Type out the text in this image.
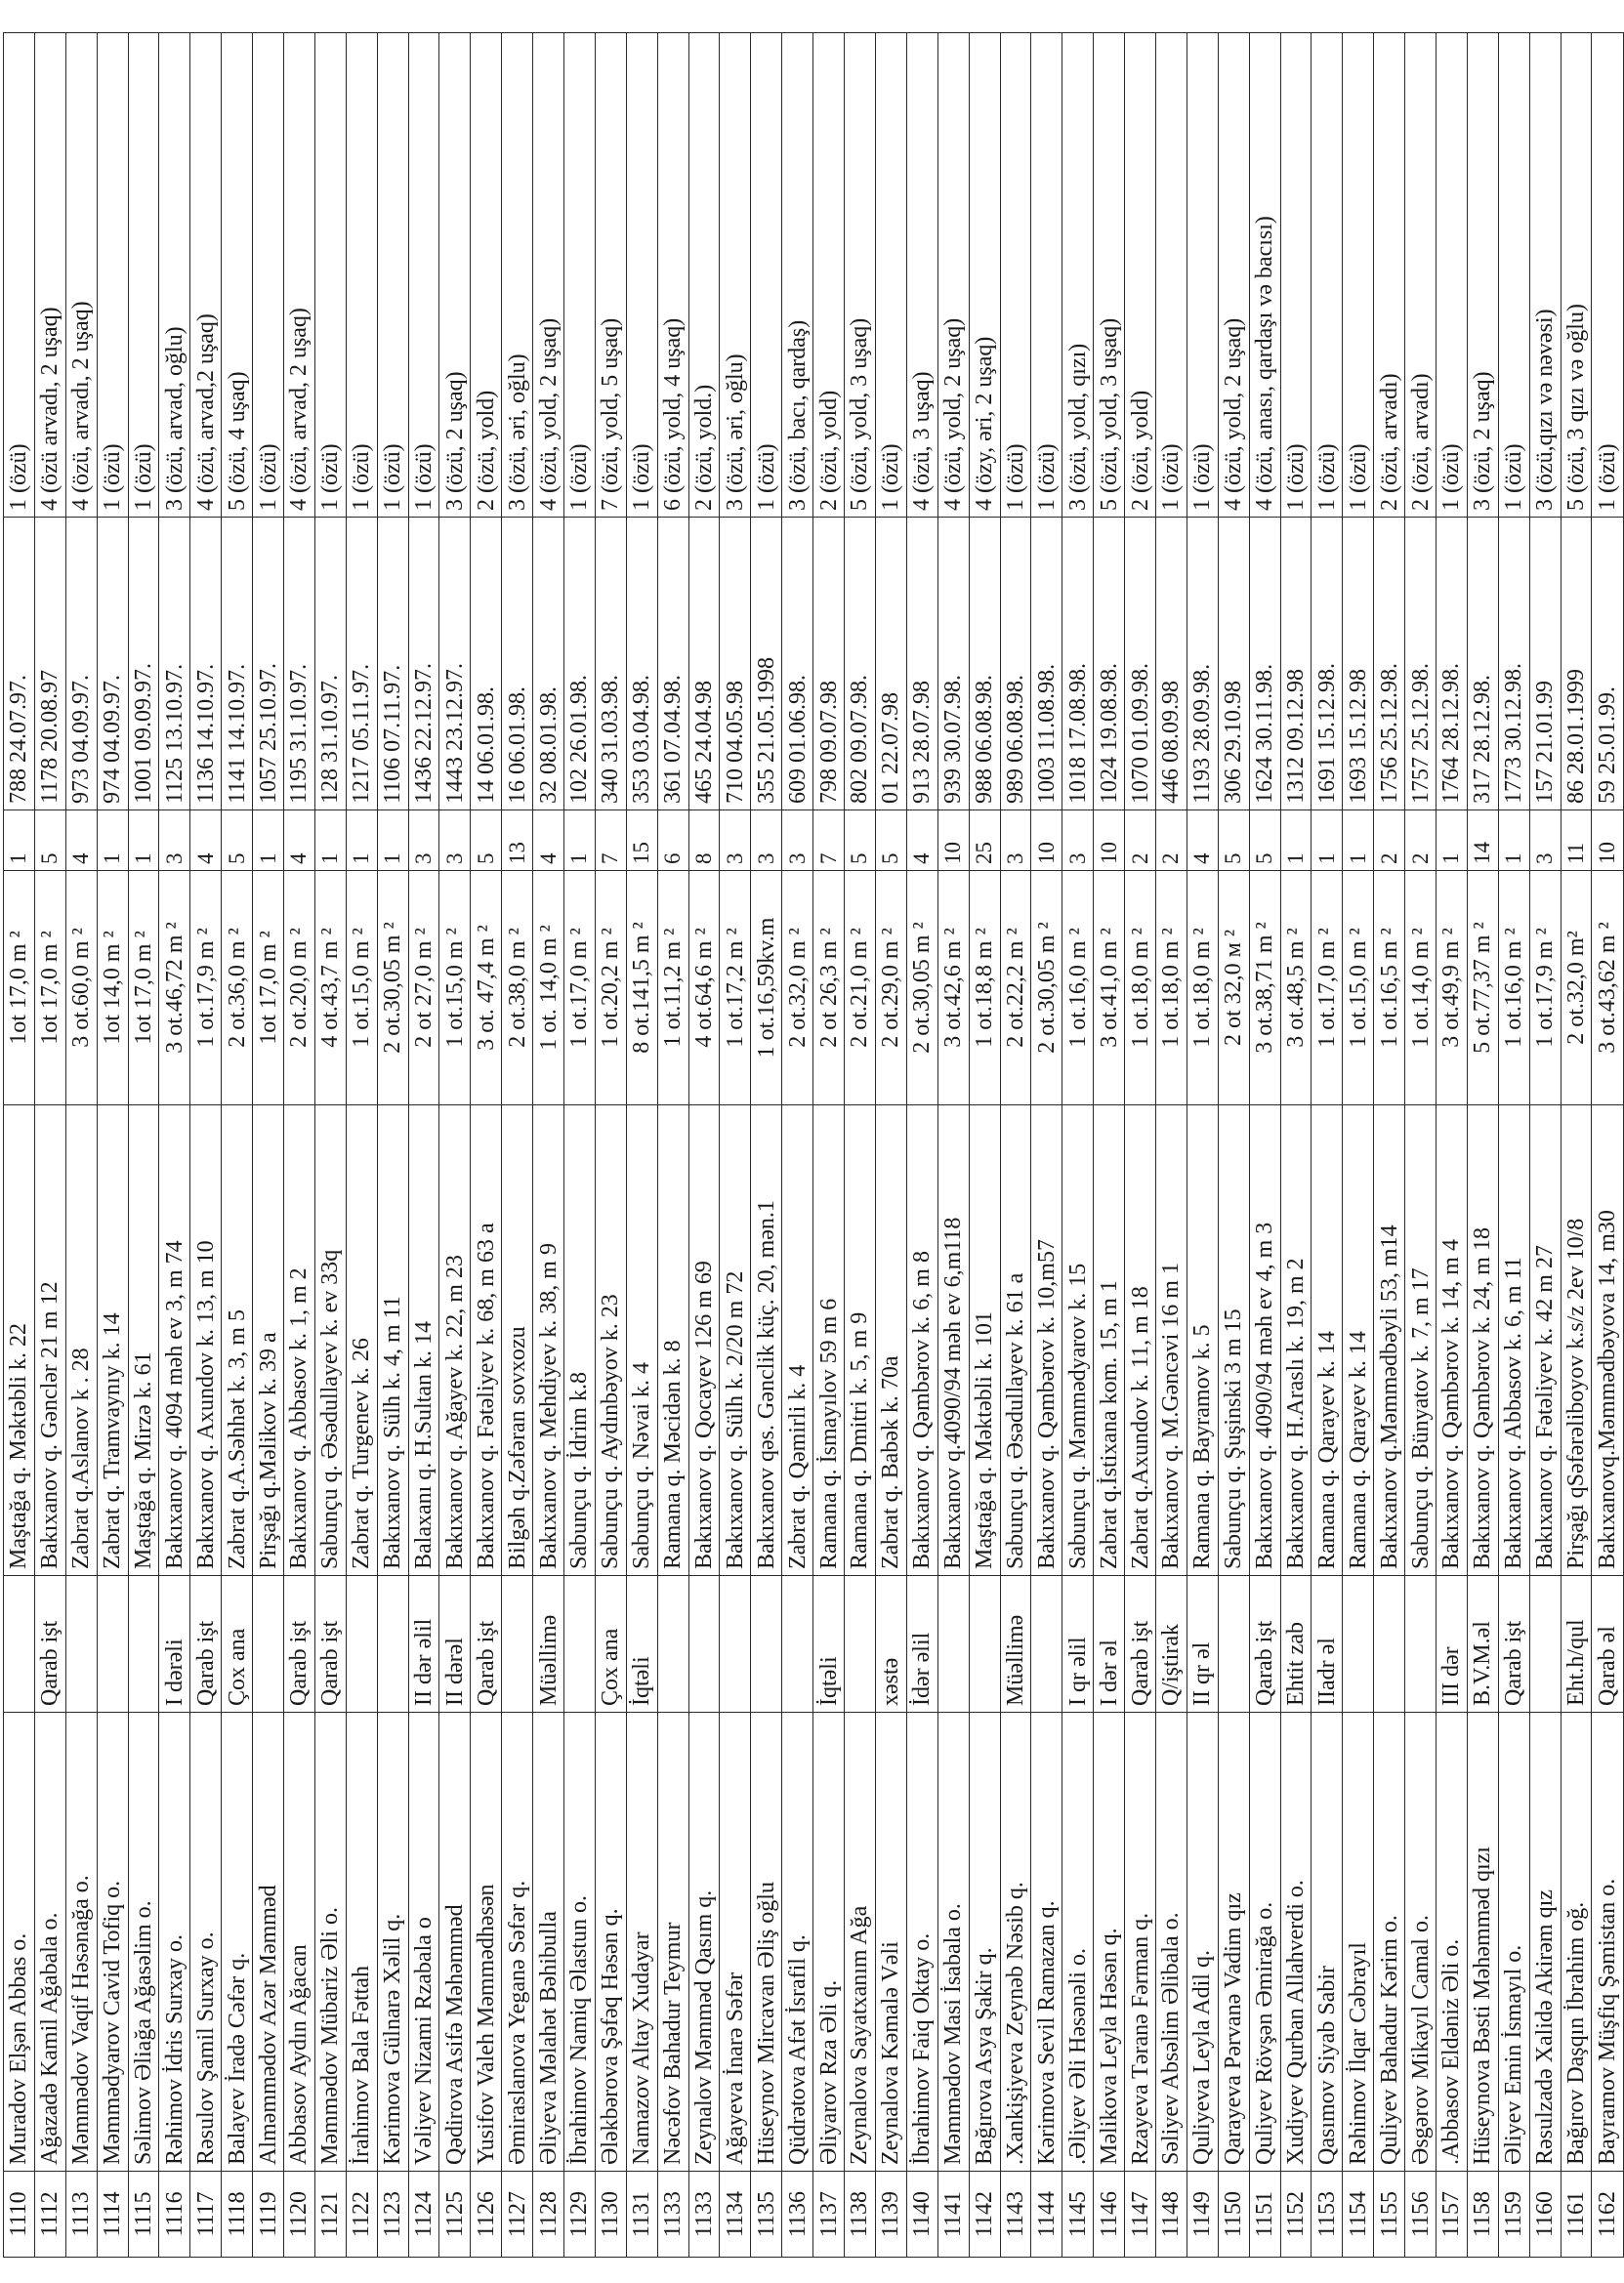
1110	Muradov Elşən Abbas o.		Maştağa q. Məktəbli k. 22	1ot 17,0 m ²	1	788 24.07.97.	1 (özü)
1112	Ağazadə Kamil Ağabala o.	Qarab işt	Bakıxanov q. Gənclər 21 m 12	1ot 17,0 m ²	5	1178 20.08.97	4 (özü arvadı, 2 uşaq)
1113	Məmmədov Vaqif Həsənağa o.		Zabrat q.Aslanov k . 28	3 ot.60,0 m ²	4	973 04.09.97.	4 (özü, arvadı, 2 uşaq)
1114	Məmmədyarov Cavid Tofiq o.		Zabrat q. Tramvaynıy k. 14	1ot 14,0 m ²	1	974 04.09.97.	1 (özü)
1115	Səlimov Əliağa Ağasəlim o.		Maştağa q. Mirzə k. 61	1ot 17,0 m ²	1	1001 09.09.97.	1 (özü)
1116	Rəhimov İdris Surxay o.	I dərəli	Bakıxanov q. 4094 məh ev 3, m 74	3 ot.46,72 m ²	3	1125 13.10.97.	3 (özü, arvad, oğlu)
1117	Rəsulov Şamil Surxay o.	Qarab işt	Bakıxanov q. Axundov k. 13, m 10	1 ot.17,9 m ²	4	1136 14.10.97.	4 (özü, arvad,2 uşaq)
1118	Balayev İradə Cəfər q.	Çox ana	Zabrat q.A.Səhhət k. 3, m 5	2 ot.36,0 m ²	5	1141 14.10.97.	5 (özü, 4 uşaq)
1119	Alməmmədov Azər Məmməd		Pirşağı q.Məlikov k. 39 a	1ot 17,0 m ²	1	1057 25.10.97.	1 (özü)
1120	Abbasov Aydın Ağacan	Qarab işt	Bakıxanov q. Abbasov k. 1, m 2	2 ot.20,0 m ²	4	1195 31.10.97.	4 (özü, arvad, 2 uşaq)
1121	Məmmədov Mübariz Əli o.	Qarab işt	Sabunçu q. Əsədullayev k. ev 33q	4 ot.43,7 m ²	1	128 31.10.97.	1 (özü)
1122	İrahimov Bala Fəttah		Zabrat q. Turgenev k. 26	1 ot.15,0 m ²	1	1217 05.11.97.	1 (özü)
1123	Kərimova Gülnarə Xəlil q.		Bakıxanov q. Sülh k. 4, m 11	2 ot.30,05 m ²	1	1106 07.11.97.	1 (özü)
1124	Vəliyev Nizami Rzabala o	II dər əlil	Balaxanı q. H.Sultan k. 14	2 ot 27,0 m ²	3	1436 22.12.97.	1 (özü)
1125	Qədirova Asifə Məhəmməd	II dərəl	Bakıxanov q. Ağayev k. 22, m 23	1 ot.15,0 m ²	3	1443 23.12.97.	3 (özü, 2 uşaq)
1126	Yusifov Valeh Məmmədhəsən	Qarab işt	Bakıxanov q. Fətəliyev k. 68, m 63 a	3 ot. 47,4 m ²	5	14 06.01.98.	2 (özü, yold)
1127	Əmiraslanova Yeganə Səfər q.		Bilgəh q.Zəfəran sovxozu	2 ot.38,0 m ²	13	16 06.01.98.	3 (özü, əri, oğlu)
1128	Əliyeva Məlahət Bəhibulla	Müəllimə	Bakıxanov q. Mehdiyev k. 38, m 9	1 ot. 14,0 m ²	4	32 08.01.98.	4 (özü, yold, 2 uşaq)
1129	İbrahimov Namiq Əlastun o.		Sabunçu q. İdrim k.8	1 ot.17,0 m ²	1	102 26.01.98.	1 (özü)
1130	Ələkbərova Şəfəq Həsən q.	Çox ana	Sabunçu q. Aydınbəyov k. 23	1 ot.20,2 m ²	7	340 31.03.98.	7 (özü, yold, 5 uşaq)
1131	Namazov Altay Xudayar	İqtəli	Sabunçu q. Nəvai k. 4	8 ot.141,5 m ²	15	353 03.04.98.	1 (özü)
1133	Nəcəfov Bahadur Teymur		Ramana q. Məcidən k. 8	1 ot.11,2 m ²	6	361 07.04.98.	6 (özü, yold, 4 uşaq)
1133	Zeynalov Məmməd Qasım q.		Bakıxanov q. Qocayev 126 m 69	4 ot.64,6 m ²	8	465 24.04.98	2 (özü, yold.)
1134	Ağayeva İnarə Səfər		Bakıxanov q. Sülh k. 2/20 m 72	1 ot.17,2 m ²	3	710 04.05.98	3 (özü, əri, oğlu)
1135	Hüseynov Mircavan Əliş oğlu		Bakıxanov qəs. Gənclik küç. 20, mən.1	1 ot.16,59kv.m	3	355 21.05.1998	1 (özü)
1136	Qüdrətova Afət İsrafil q.		Zabrat q. Qəmirli k. 4	2 ot.32,0 m ²	3	609 01.06.98.	3 (özü, bacı, qardaş)
1137	Əliyarov Rza Əli q.	İqtəli	Ramana q. İsmayılov 59 m 6	2 ot 26,3 m ²	7	798 09.07.98	2 (özü, yold)
1138	Zeynalova Sayatxanım Ağa		Ramana q. Dmitri k. 5, m 9	2 ot.21,0 m ²	5	802 09.07.98.	5 (özü, yold, 3 uşaq)
1139	Zeynalova Kəmalə Vəli	xəstə	Zabrat q. Babək k. 70a	2 ot.29,0 m ²	5	01 22.07.98	1 (özü)
1140	İbrahimov Faiq Oktay o.	İdər əlil	Bakıxanov q. Qəmbərov k. 6, m 8	2 ot.30,05 m ²	4	913 28.07.98	4 (özü, 3 uşaq)
1141	Məmmədov Masi İsabala o.		Bakıxanov q.4090/94 məh ev 6,m118	3 ot.42,6 m ²	10	939 30.07.98.	4 (özü, yold, 2 uşaq)
1142	Bağırova Asya Şakir q.		Maştağa q. Məktəbli k. 101	1 ot.18,8 m ²	25	988 06.08.98.	4 (özy, əri, 2 uşaq)
1143	.Xankişiyeva Zeynəb Nəsib q.	Müəllimə	Sabunçu q. Əsədullayev k. 61 a	2 ot.22,2 m ²	3	989 06.08.98.	1 (özü)
1144	Kərimova Sevil Ramazan q.		Bakıxanov q. Qəmbərov k. 10,m57	2 ot.30,05 m ²	10	1003 11.08.98.	1 (özü)
1145	.Əliyev Əli Həsənəli o.	I qr əlil	Sabunçu q. Məmmədyarov k. 15	1 ot.16,0 m ²	3	1018 17.08.98.	3 (özü, yold, qızı)
1146	Məlikova Leyla Həsən q.	I dər əl	Zabrat q.İstixana kom. 15, m 1	3 ot.41,0 m ²	10	1024 19.08.98.	5 (özü, yold, 3 uşaq)
1147	Rzayeva Təranə Fərman q.	Qarab işt	Zabrat q.Axundov k. 11, m 18	1 ot.18,0 m ²	2	1070 01.09.98.	2 (özü, yold)
1148	Səliyev Absəlim Əlibala o.	Q/iştirak	Bakıxanov q. M.Gəncəvi 16 m 1	1 ot.18,0 m ²	2	446 08.09.98	1 (özü)
1149	Quliyeva Leyla Adil q.	II qr əl	Ramana q. Bayramov k. 5	1 ot.18,0 m ²	4	1193 28.09.98.	1 (özü)
1150	Qarayeva Pərvanə Vadim qız		Sabunçu q. Şuşinski 3 m 15	2 ot 32,0 м ²	5	306 29.10.98	4 (özü, yold, 2 uşaq)
1151	Quliyev Rövşən Əmirağa o.	Qarab işt	Bakıxanov q. 4090/94 məh ev 4, m 3	3 ot.38,71 m ²	5	1624 30.11.98.	4 (özü, anası, qardaşı və bacısı)
1152	Xudiyev Qurban Allahverdi o.	Ehtit zab	Bakıxanov q. H.Araslı k. 19, m 2	3 ot.48,5 m ²	1	1312 09.12.98	1 (özü)
1153	Qasımov Siyab Sabir	IIadr əl	Ramana q. Qarayev k. 14	1 ot.17,0 m ²	1	1691 15.12.98.	1 (özü)
1154	Rəhimov İlqar Cəbrayıl		Ramana q. Qarayev k. 14	1 ot.15,0 m ²	1	1693 15.12.98	1 (özü)
1155	Quliyev Bahadur Kərim o.		Bakıxanov q.Məmmədbəyli 53, m14	1 ot.16,5 m ²	2	1756 25.12.98.	2 (özü, arvadı)
1156	Əsgərov Mikayıl Camal o.		Sabunçu q. Bünyatov k. 7, m 17	1 ot.14,0 m ²	2	1757 25.12.98.	2 (özü, arvadı)
1157	.Abbasov Eldəniz Əli o.	III dər	Bakıxanov q. Qəmbərov k. 14, m 4	3 ot.49,9 m ²	1	1764 28.12.98.	1 (özü)
1158	Hüseynova Bəsti Məhəmməd qızı	B.V.M.əl	Bakıxanov q. Qəmbərov k. 24, m 18	5 ot.77,37 m ²	14	317 28.12.98.	3 (özü, 2 uşaq)
1159	Əliyev Emin İsmayıl o.	Qarab işt	Bakıxanov q. Abbasov k. 6, m 11	1 ot.16,0 m ²	1	1773 30.12.98.	1 (özü)
1160	Rəsulzadə Xalidə Akirəm qız		Bakıxanov q. Fətəliyev k. 42 m 27	1 ot.17,9 m ²	3	157 21.01.99	3 (özü,qızı və nəvəsi)
1161	Bağırov Daşqın İbrahim oğ.	Eht.h/qul	Pirşağı qSəfərəliboyov k.s/z 2ev 10/8	2 ot.32,0 m²	11	86 28.01.1999	5 (özü, 3 qızı və oğlu)
1162	Bayramov Müşfiq Şəmistan o.	Qarab əl	Bakıxanovq.Məmmədbəyova 14, m30	3 ot.43,62 m ²	10	59 25.01.99.	1 (özü)
